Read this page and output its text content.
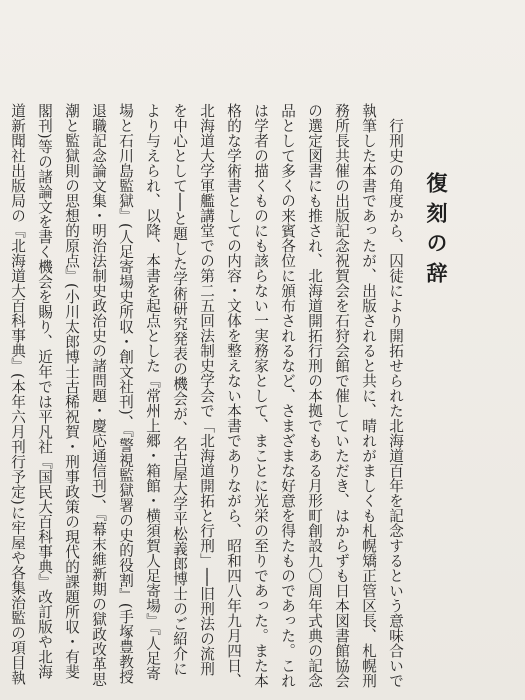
復刻の辞

行刑史の角度から、囚徒により開拓せられた北海道百年を記念するという意味合いで執筆した本書であったが、出版されると共に、晴れがましくも札幌矯正管区長、札幌刑務所長共催の出版記念祝賀会を石狩会館で催していただき、はからずも日本図書館協会の選定図書にも推され、北海道開拓行刑の本拠でもある月形町創設九〇周年式典の記念品として多くの来賓各位に頒布されるなど、さまざまな好意を得たものであった。これは学者の描くものにも該らない一実務家として、まことに光栄の至りであった。また本格的な学術書としての内容・文体を整えない本書でありながら、昭和四八年九月四日、北海道大学軍艦講堂での第二五回法制史学会で「北海道開拓と行刑」──旧刑法の流刑を中心として──と題した学術研究発表の機会が、名古屋大学平松義郎博士のご紹介により与えられ、以降、本書を起点とした『常州上郷・箱館・横須賀人足寄場』『人足寄場と石川島監獄』(人足寄場史所収・創文社刊)、『警視監獄署の史的役割』(手塚豊教授退職記念論文集・明治法制史政治史の諸問題・慶応通信刊)、『幕末維新期の獄政改革思潮と監獄則の思想的原点』(小川太郎博士古稀祝賀・刑事政策の現代的課題所収・有斐閣刊)等の諸論文を書く機会を賜り、近年では平凡社『国民大百科事典』改訂版や北海道新聞社出版局の『北海道大百科事典』(本年六月刊行予定)に牢屋や各集治監の項目執
